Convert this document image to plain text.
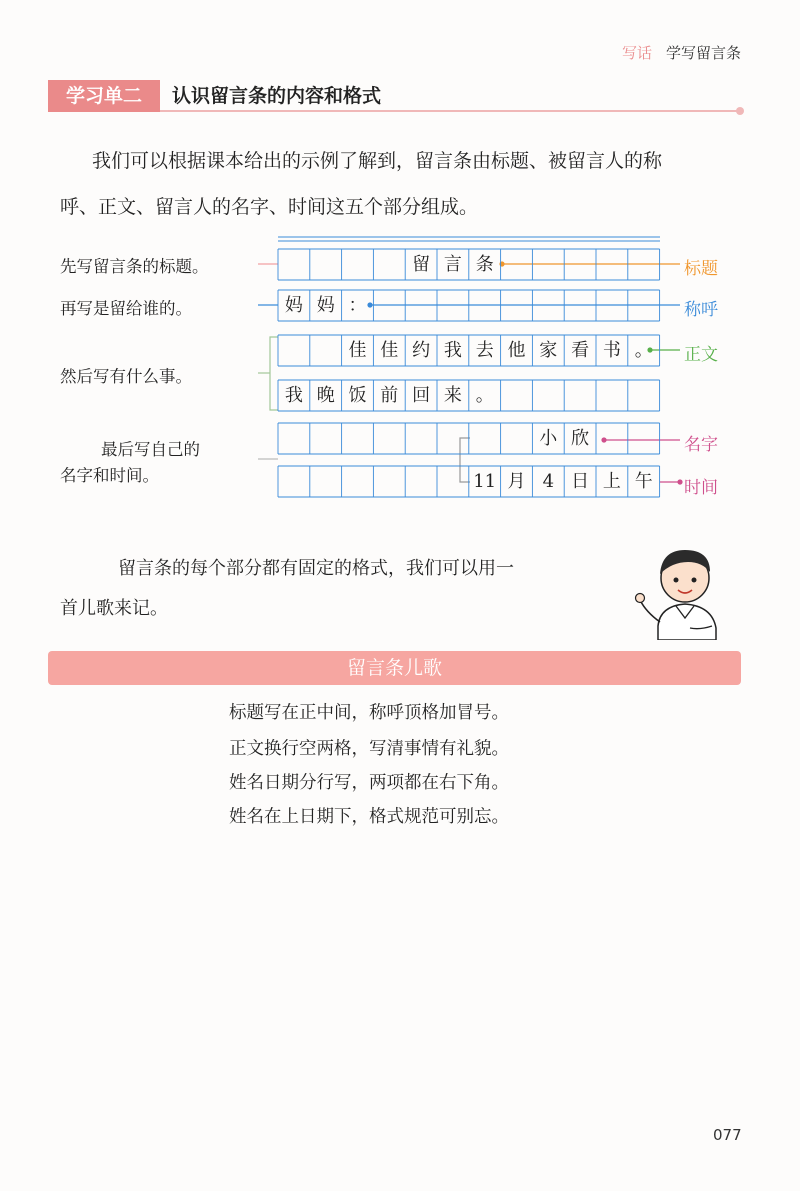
写话 学写留言条
学习单二	认识留言条的内容和格式
我们可以根据课本给出的示例了解到，留言条由标题、被留言人的称
呼、正文、留言人的名字、时间这五个部分组成。
先写留言条的标题。
再写是留给谁的。
然后写有什么事。
最后写自己的
名字和时间。
留 言 条
妈 妈 ：
佳 佳 约 我 去 他 家 看 书 。
我 晚 饭 前 回 来 。
小 欣
11 月 4 日 上 午
标题
称呼
正文
名字
时间
留言条的每个部分都有固定的格式，我们可以用一
首儿歌来记。
留言条儿歌
标题写在正中间，称呼顶格加冒号。
正文换行空两格，写清事情有礼貌。
姓名日期分行写，两项都在右下角。
姓名在上日期下，格式规范可别忘。
077
